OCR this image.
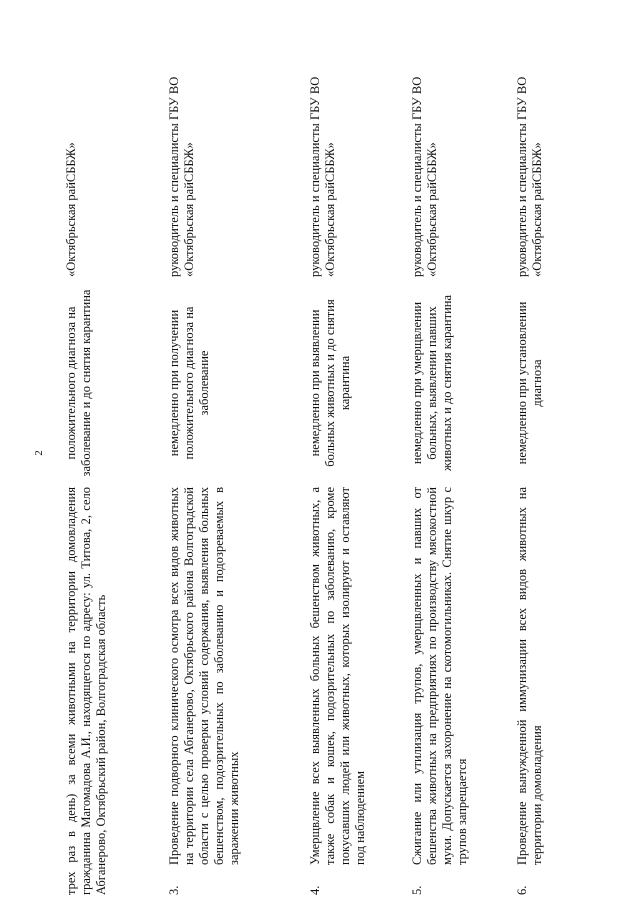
2
трех раз в день) за всеми животными на территории домовладения гражданина Магомадова А.И., находящегося по адресу: ул. Титова, 2, село Абганерово, Октябрьский район, Волгоградская область
положительного диагноза на заболевание и до снятия карантина
«Октябрьская райСББЖ»
3.
Проведение подворного клинического осмотра всех видов животных на территории села Абганерово, Октябрьского района Волгоградской области с целью проверки условий содержания, выявления больных бешенством, подозрительных по заболеванию и подозреваемых в заражении животных
немедленно при получении положительного диагноза на заболевание
руководитель и специалисты ГБУ ВО «Октябрьская райСББЖ»
4.
Умерщвление всех выявленных больных бешенством животных, а также собак и кошек, подозрительных по заболеванию, кроме покусавших людей или животных, которых изолируют и оставляют под наблюдением
немедленно при выявлении больных животных и до снятия карантина
руководитель и специалисты ГБУ ВО «Октябрьская райСББЖ»
5.
Сжигание или утилизация трупов, умерщвленных и павших от бешенства животных на предприятиях по производству мясокостной муки. Допускается захоронение на скотомогильниках. Снятие шкур с трупов запрещается
немедленно при умерщвлении больных, выявлении павших животных и до снятия карантина
руководитель и специалисты ГБУ ВО «Октябрьская райСББЖ»
6.
Проведение вынужденной иммунизации всех видов животных на территории домовладения
немедленно при установлении диагноза
руководитель и специалисты ГБУ ВО «Октябрьская райСББЖ»
